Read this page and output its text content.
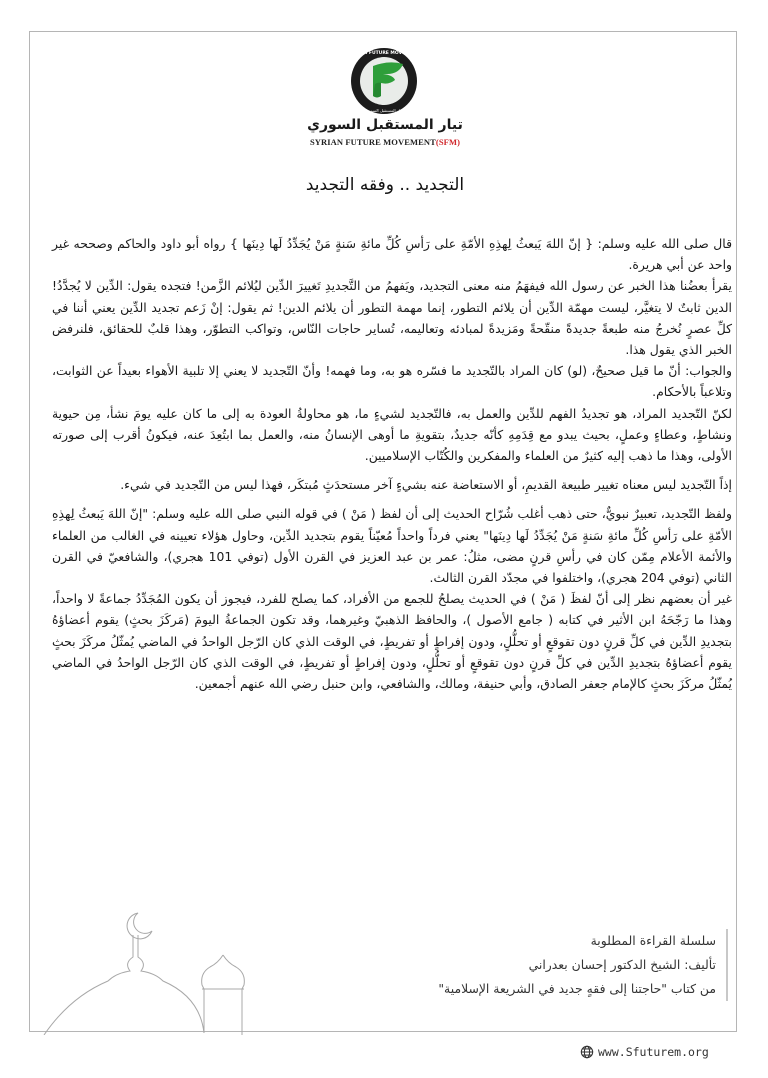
SYRIAN FUTURE MOVEMENT
تيار المستقبل السوري
تيار المستقبل السوري
SYRIAN FUTURE MOVEMENT(SFM)
التجديد .. وفقه التجديد

قال صلى الله عليه وسلم: { إنّ اللهَ يَبعثُ لِهذِهِ الأمّةِ على رَأسِ كُلِّ مائةِ سَنةٍ مَنْ يُجَدِّدُ لَها دِينَها } رواه أبو داود والحاكم وصححه غير واحد عن أبي هريرة.

يقرأ بعضُنا هذا الخبر عن رسول الله فيفهَمُ منه معنى التجديد، ويَفهمُ من التَّجديدِ تَغييرَ الدِّين ليُلائم الزَّمن! فتجده يقول: الدِّين لا يُجدَّدُ! الدين ثابتٌ لا يتغيَّر، ليست مهمّة الدِّين أن يلائم التطور، إنما مهمة التطور أن يلائم الدين! ثم يقول: إنْ زَعم تجديد الدِّين يعني أننا في كلِّ عصرٍ نُخرجُ منه طبعةً جديدةً منقّحةً ومَزيدةً لمبادئه وتعاليمه، تُساير حاجات النّاس، وتواكب التطوّر، وهذا قلبٌ للحقائق، فلنرفض الخبر الذي يقول هذا.

والجواب: أنّ ما قيل صحيحٌ، (لو) كان المراد بالتّجديد ما فسّره هو به، وما فهمه! وأنّ التّجديد لا يعني إلا تلبية الأهواء بعيداً عن الثوابت، وتلاعباً بالأحكام.

لكنّ التّجديد المراد، هو تجديدُ الفهم للدِّين والعمل به، فالتّجديد لشيءٍ ما، هو محاولةُ العودة به إلى ما كان عليه يومَ نشأ، مِن حيوية ونشاطٍ، وعطاءٍ وعملٍ، بحيث يبدو مع قِدَمِهِ كأنّه جديدٌ، بتقويةِ ما أوهى الإنسانُ منه، والعمل بما ابتُعِدَ عنه، فيكونُ أقرب إلى صورته الأولى، وهذا ما ذهب إليه كثيرٌ من العلماء والمفكرين والكُتّاب الإسلاميين.

إذاً التّجديد ليس معناه تغيير طبيعة القديمِ، أو الاستعاضة عنه بشيءٍ آخر مستحدَثٍ مُبتكَر، فهذا ليس من التّجديد في شيء.

ولفظ التّجديد، تعبيرٌ نبويٌّ، حتى ذهب أغلب شُرّاح الحديث إلى أن لفظ ( مَنْ ) في قوله النبي صلى الله عليه وسلم: "إنّ اللهَ يَبعثُ لِهذِهِ الأمّةِ على رَأسِ كُلِّ مائةِ سَنةٍ مَنْ يُجَدِّدُ لَها دِينَها" يعني فرداً واحداً مُعيّناً يقوم بتجديد الدِّين، وحاول هؤلاء تعيينه في الغالب من العلماء والأئمة الأعلام مِمّن كان في رأسِ قرنٍ مضى، مثلُ: عمر بن عبد العزيز في القرن الأول (توفي 101 هجري)، والشافعيّ في القرن الثاني (توفي 204 هجري)، واختلفوا في مجدّد القرن الثالث.

غير أن بعضهم نظر إلى أنّ لفظَ ( مَنْ ) في الحديث يصلحُ للجمع من الأفراد، كما يصلح للفرد، فيجوز أن يكون المُجَدِّدُ جماعةً لا واحداً، وهذا ما رَجّحَهُ ابن الأثير في كتابه ( جامع الأصول )، والحافظ الذهبيّ وغيرهما، وقد تكون الجماعةُ اليومَ (مَركَزَ بحثٍ) يقوم أعضاؤهُ بتجديدِ الدِّين في كلِّ قرنٍ دون تقوقعٍ أو تحلُّلٍ، ودون إفراطٍ أو تفريطٍ، في الوقت الذي كان الرّجل الواحدُ في الماضي يُمثّلُ مركَزَ بحثٍ يقوم أعضاؤهُ بتجديدِ الدِّين في كلِّ قرنٍ دون تقوقعٍ أو تحلُّلٍ، ودون إفراطٍ أو تفريطٍ، في الوقت الذي كان الرّجل الواحدُ في الماضي يُمثّلُ مركَزَ بحثٍ كالإمام جعفر الصادق، وأبي حنيفة، ومالك، والشافعي، وابن حنبل رضي الله عنهم أجمعين.

سلسلة القراءة المطلوبة
تأليف: الشيخ الدكتور إحسان بعدراني
من كتاب "حاجتنا إلى فقهٍ جديد في الشريعة الإسلامية"
www.Sfuturem.org
